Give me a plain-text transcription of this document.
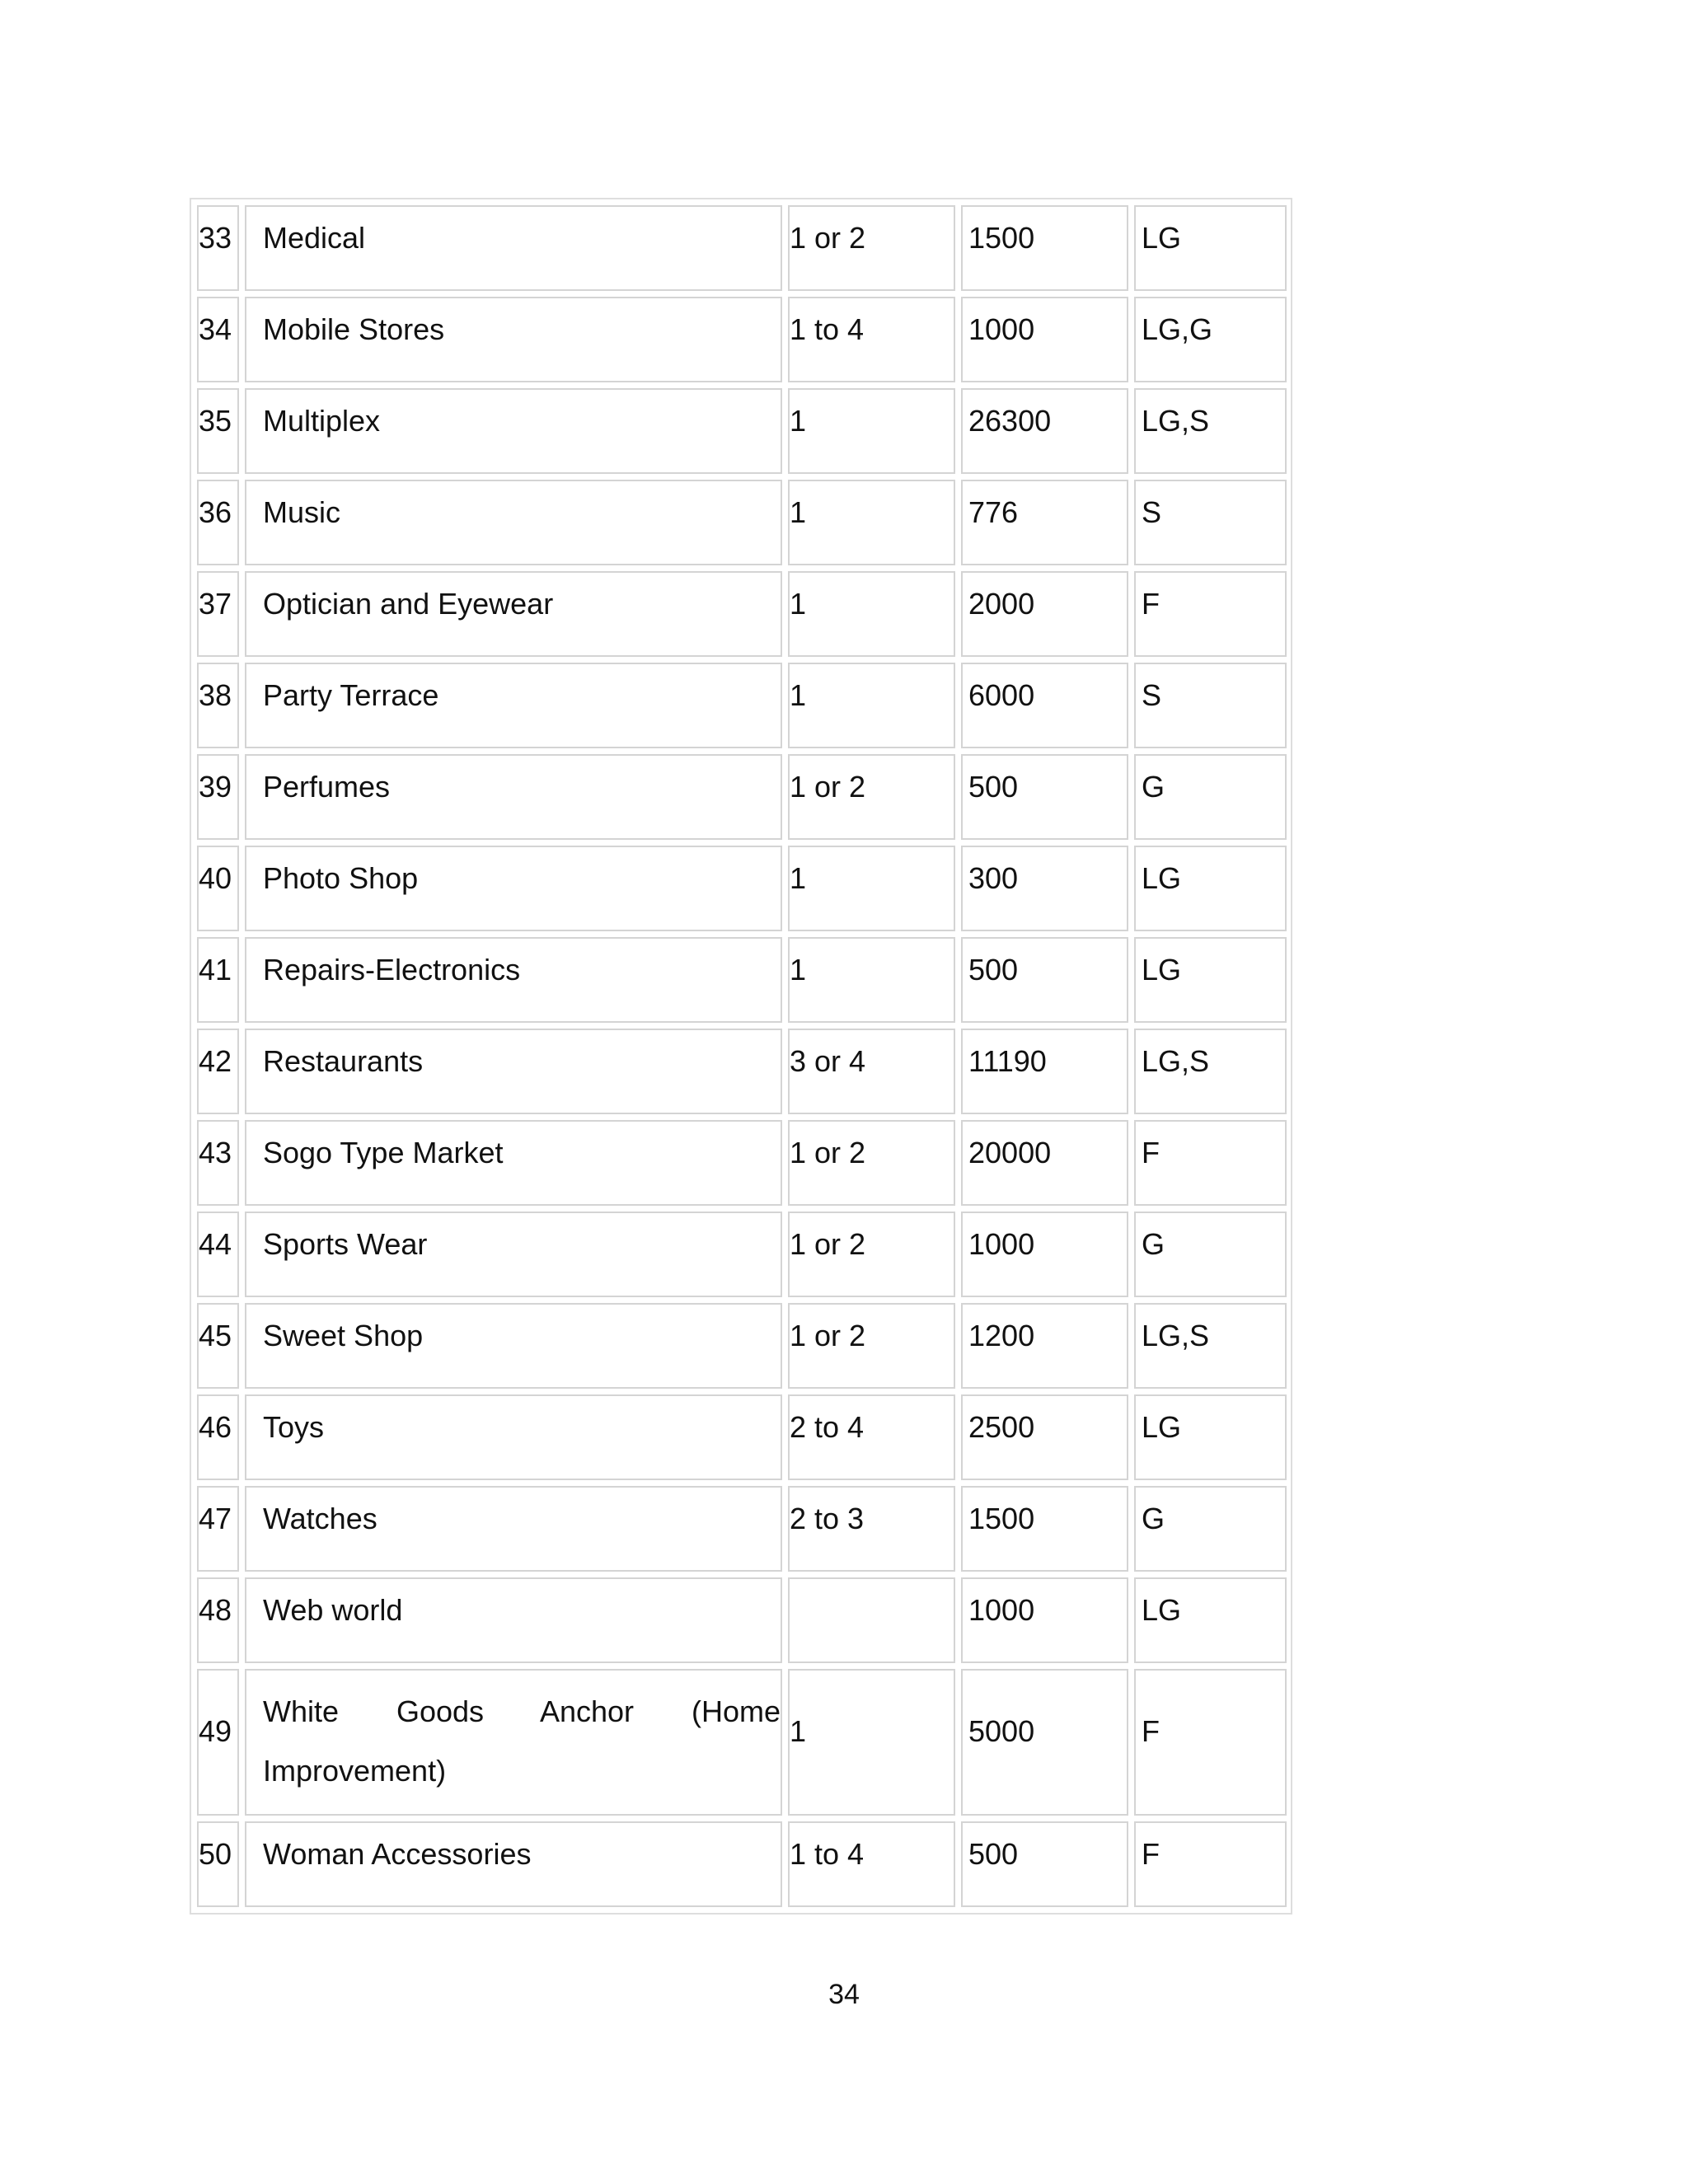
33	Medical	1 or 2	1500	LG
34	Mobile Stores	1 to 4	1000	LG,G
35	Multiplex	1	26300	LG,S
36	Music	1	776	S
37	Optician and Eyewear	1	2000	F
38	Party Terrace	1	6000	S
39	Perfumes	1 or 2	500	G
40	Photo Shop	1	300	LG
41	Repairs-Electronics	1	500	LG
42	Restaurants	3 or 4	11190	LG,S
43	Sogo Type Market	1 or 2	20000	F
44	Sports Wear	1 or 2	1000	G
45	Sweet Shop	1 or 2	1200	LG,S
46	Toys	2 to 4	2500	LG
47	Watches	2 to 3	1500	G
48	Web world		1000	LG
49	White Goods Anchor (Home Improvement)	1	5000	F
50	Woman Accessories	1 to 4	500	F
34
